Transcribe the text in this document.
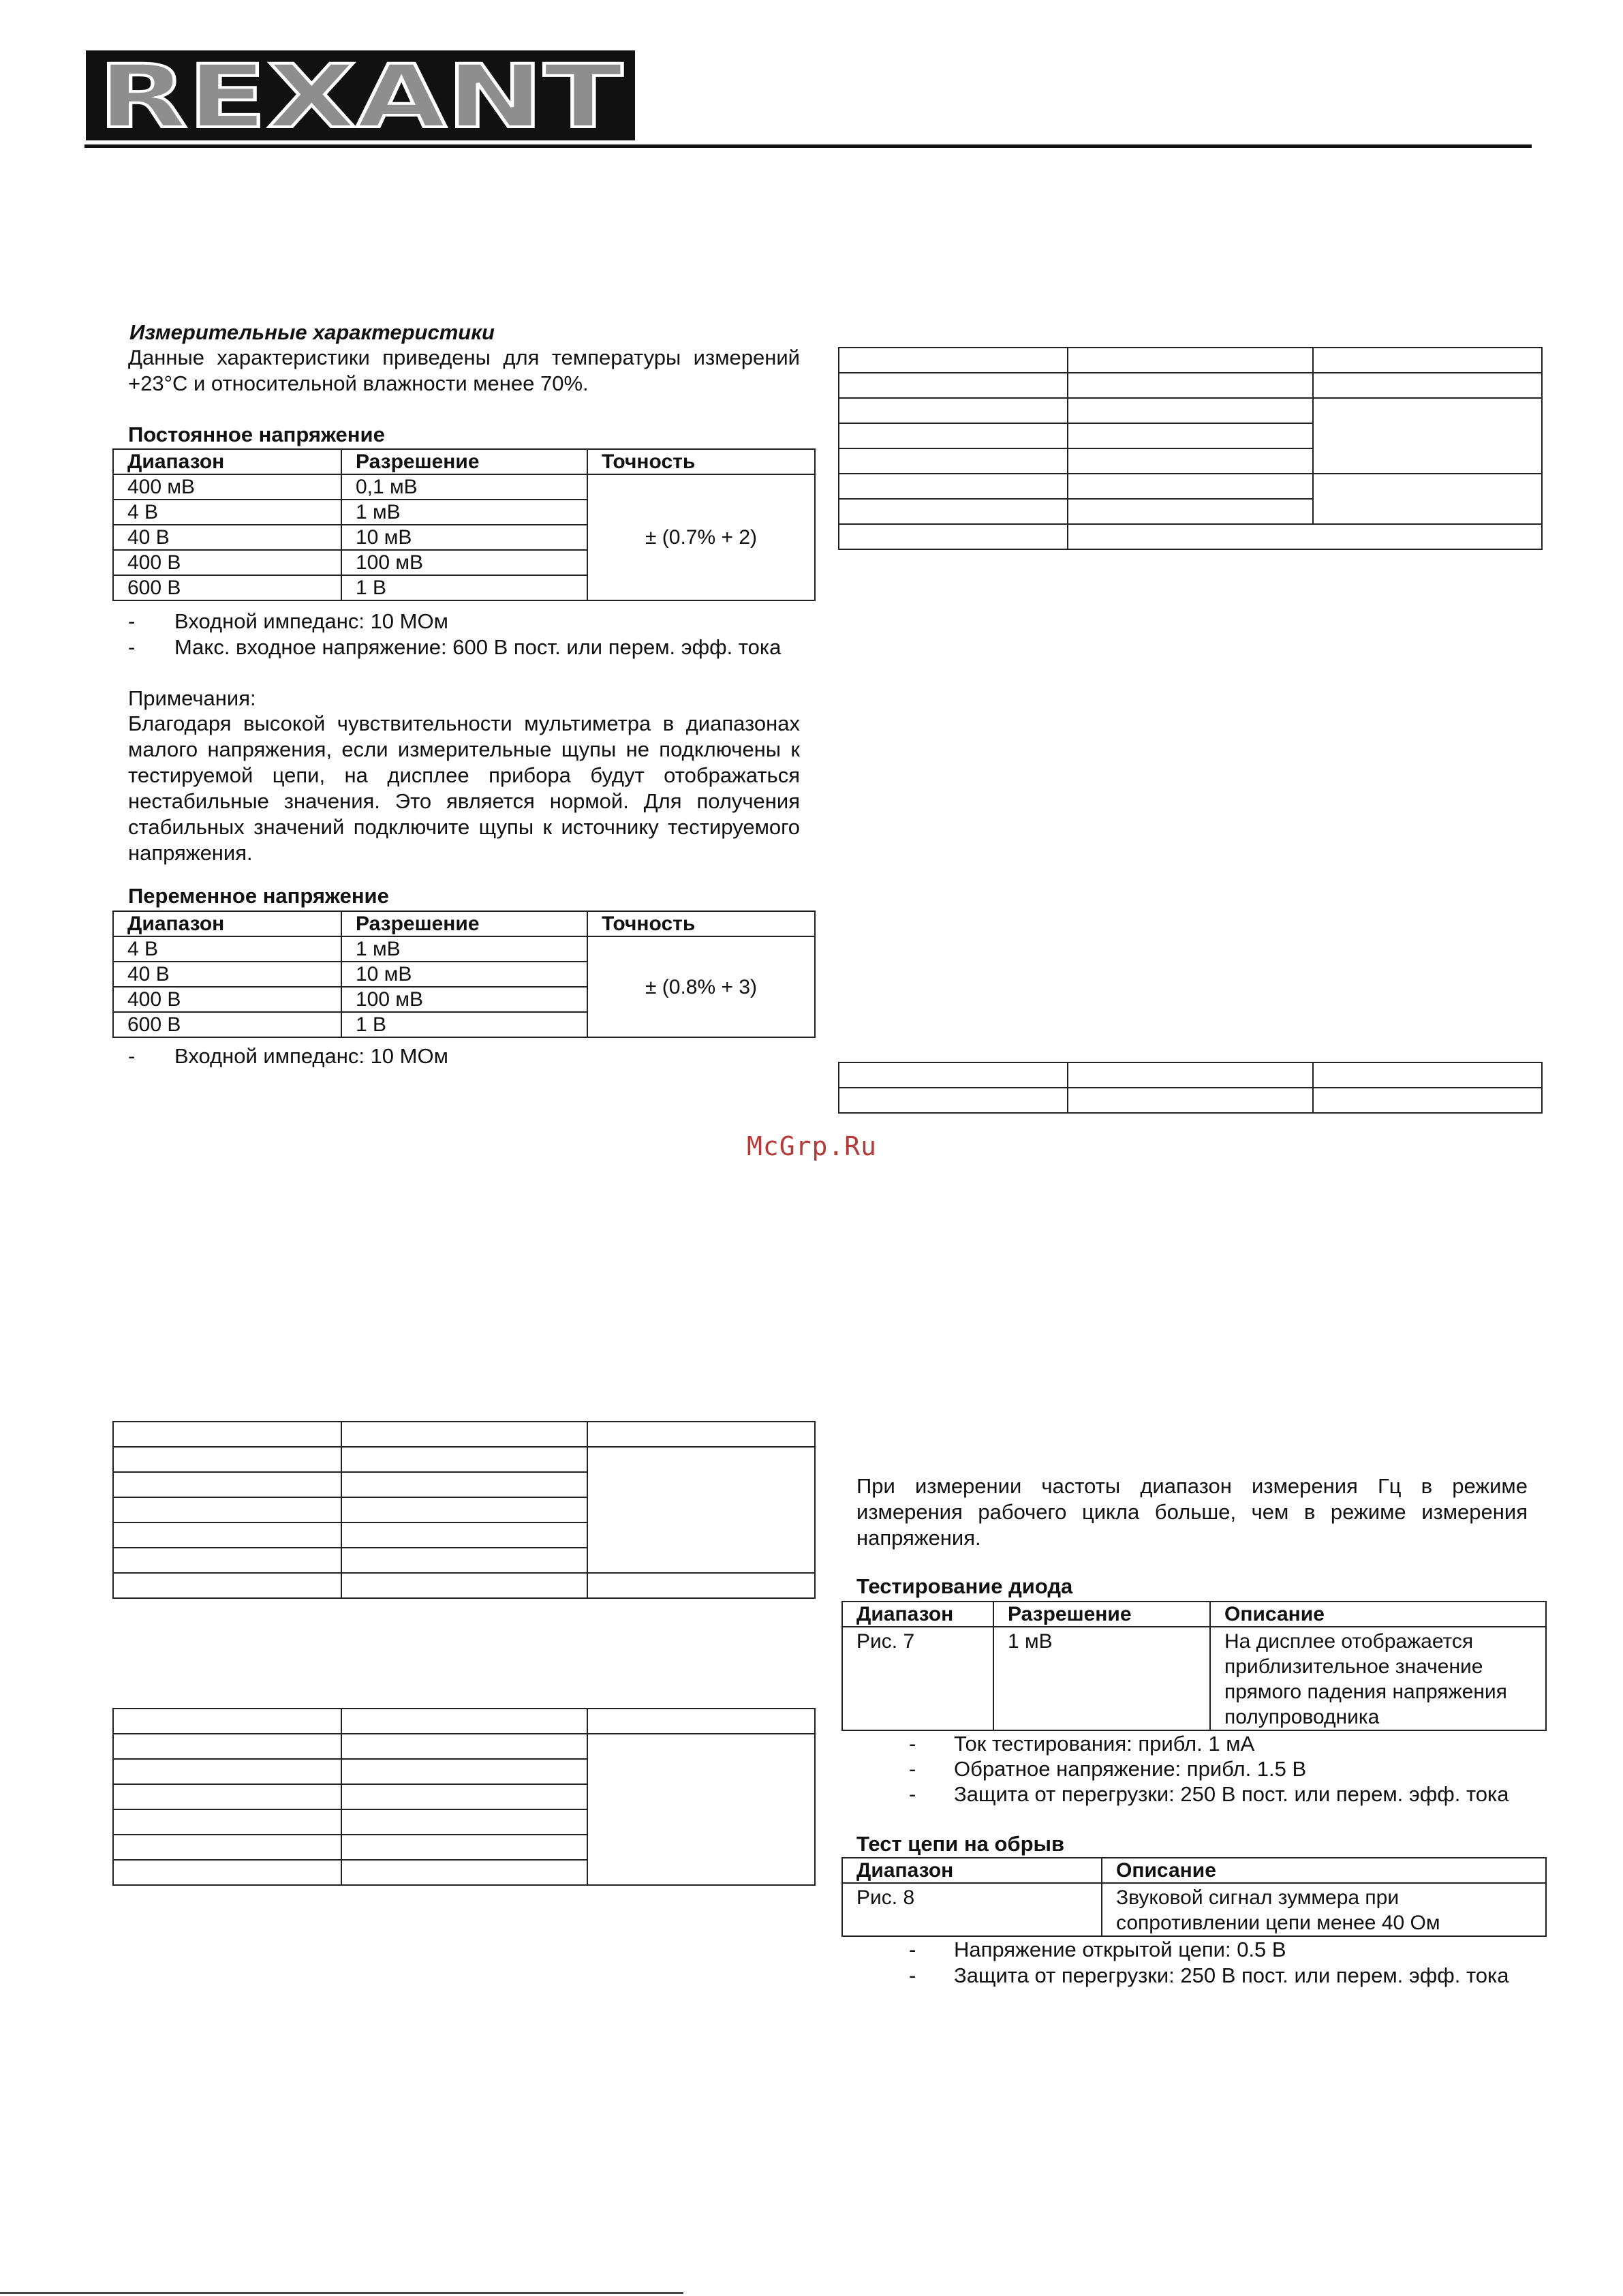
REXANT
Измерительные характеристики
Данные характеристики приведены для температуры измерений +23°С и относительной влажности менее 70%.
Постоянное напряжение
Диапазон	Разрешение	Точность
400 мВ	0,1 мВ	± (0.7% + 2)
4 В	1 мВ	
40 В	10 мВ	
400 В	100 мВ	
600 В	1 В	
- Входной импеданс: 10 МОм
- Макс. входное напряжение: 600 В пост. или перем. эфф. тока
Примечания:
Благодаря высокой чувствительности мультиметра в диапазонах малого напряжения, если измерительные щупы не подключены к тестируемой цепи, на дисплее прибора будут отображаться нестабильные значения. Это является нормой. Для получения стабильных значений подключите щупы к источнику тестируемого напряжения.
Переменное напряжение
Диапазон	Разрешение	Точность
4 В	1 мВ	± (0.8% + 3)
40 В	10 мВ	
400 В	100 мВ	
600 В	1 В	
- Входной импеданс: 10 МОм
McGrp.Ru

При измерении частоты диапазон измерения Гц в режиме измерения рабочего цикла больше, чем в режиме измерения напряжения.
Тестирование диода
Диапазон	Разрешение	Описание
Рис. 7	1 мВ	На дисплее отображается приблизительное значение прямого падения напряжения полупроводника
- Ток тестирования: прибл. 1 мА
- Обратное напряжение: прибл. 1.5 В
- Защита от перегрузки: 250 В пост. или перем. эфф. тока
Тест цепи на обрыв
Диапазон	Описание
Рис. 8	Звуковой сигнал зуммера при сопротивлении цепи менее 40 Ом
- Напряжение открытой цепи: 0.5 В
- Защита от перегрузки: 250 В пост. или перем. эфф. тока
